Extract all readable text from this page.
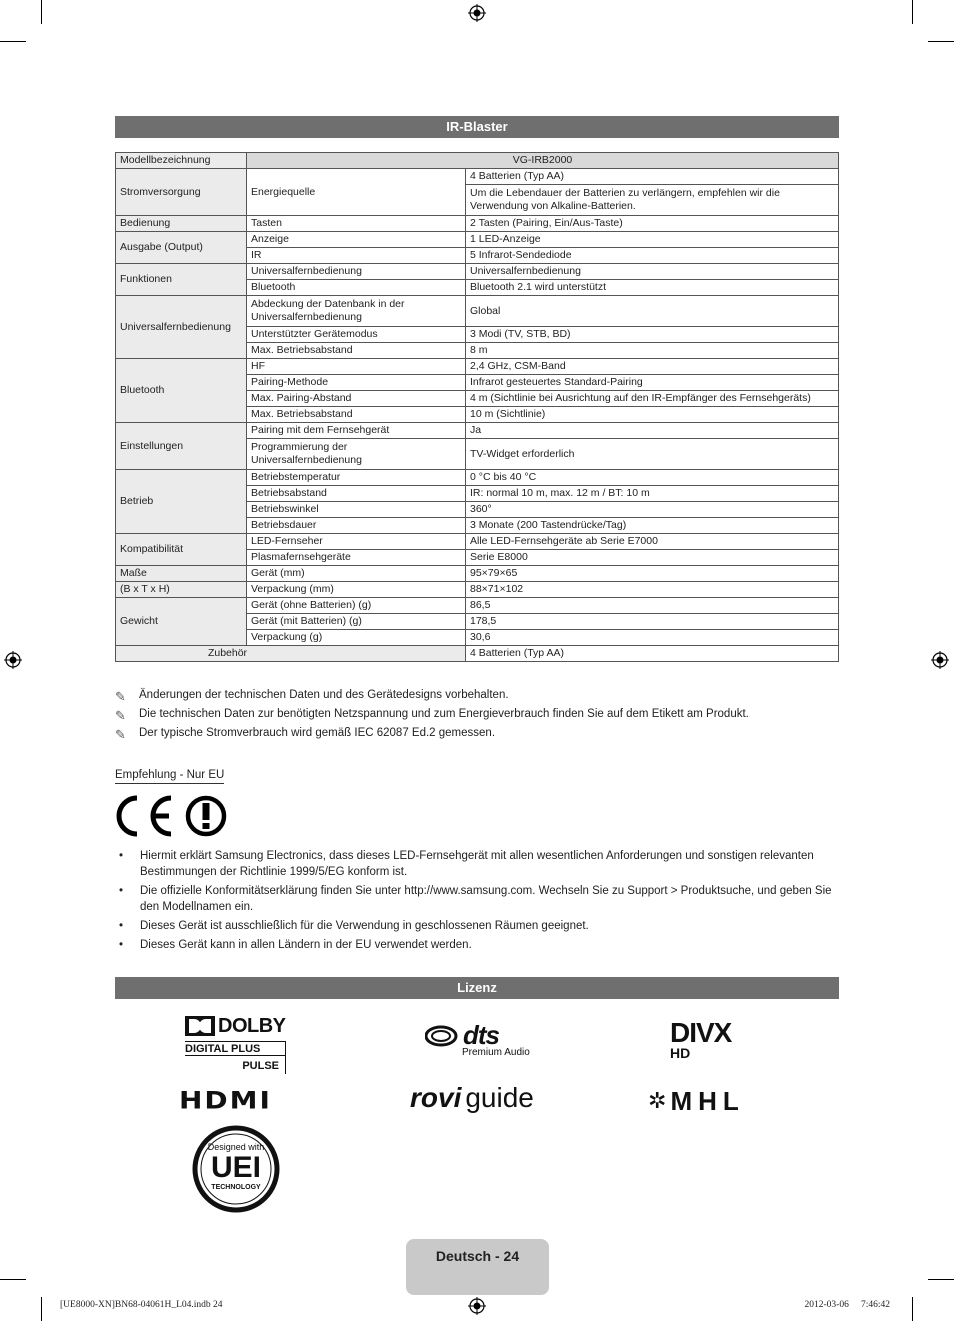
IR-Blaster
Modellbezeichnung	VG-IRB2000	
Stromversorgung	Energiequelle	4 Batterien (Typ AA)
		Um die Lebendauer der Batterien zu verlängern, empfehlen wir die Verwendung von Alkaline-Batterien.
Bedienung	Tasten	2 Tasten (Pairing, Ein/Aus-Taste)
Ausgabe (Output)	Anzeige	1 LED-Anzeige
	IR	5 Infrarot-Sendediode
Funktionen	Universalfernbedienung	Universalfernbedienung
	Bluetooth	Bluetooth 2.1 wird unterstützt
Universalfernbedienung	Abdeckung der Datenbank in der Universalfernbedienung	Global
	Unterstützter Gerätemodus	3 Modi (TV, STB, BD)
	Max. Betriebsabstand	8 m
Bluetooth	HF	2,4 GHz, CSM-Band
	Pairing-Methode	Infrarot gesteuertes Standard-Pairing
	Max. Pairing-Abstand	4 m (Sichtlinie bei Ausrichtung auf den IR-Empfänger des Fernsehgeräts)
	Max. Betriebsabstand	10 m (Sichtlinie)
Einstellungen	Pairing mit dem Fernsehgerät	Ja
	Programmierung der Universalfernbedienung	TV-Widget erforderlich
Betrieb	Betriebstemperatur	0 °C bis 40 °C
	Betriebsabstand	IR: normal 10 m, max. 12 m / BT: 10 m
	Betriebswinkel	360°
	Betriebsdauer	3 Monate (200 Tastendrücke/Tag)
Kompatibilität	LED-Fernseher	Alle LED-Fernsehgeräte ab Serie E7000
	Plasmafernsehgeräte	Serie E8000
Maße	Gerät (mm)	95×79×65
(B x T x H)	Verpackung (mm)	88×71×102
Gewicht	Gerät (ohne Batterien) (g)	86,5
	Gerät (mit Batterien) (g)	178,5
	Verpackung (g)	30,6
Zubehör		4 Batterien (Typ AA)
✎	Änderungen der technischen Daten und des Gerätedesigns vorbehalten.
✎	Die technischen Daten zur benötigten Netzspannung und zum Energieverbrauch finden Sie auf dem Etikett am Produkt.
✎	Der typische Stromverbrauch wird gemäß IEC 62087 Ed.2 gemessen.
Empfehlung - Nur EU
•	Hiermit erklärt Samsung Electronics, dass dieses LED-Fernsehgerät mit allen wesentlichen Anforderungen und sonstigen relevanten Bestimmungen der Richtlinie 1999/5/EG konform ist.
•	Die offizielle Konformitätserklärung finden Sie unter http://www.samsung.com. Wechseln Sie zu Support > Produktsuche, und geben Sie den Modellnamen ein.
•	Dieses Gerät ist ausschließlich für die Verwendung in geschlossenen Räumen geeignet.
•	Dieses Gerät kann in allen Ländern in der EU verwendet werden.
Lizenz
DOLBY
DIGITAL PLUS
PULSE
dts
Premium Audio
DIVX
HD
HDMI	rovi guide	✲ MHL
Designed with
UEI
TECHNOLOGY
Deutsch - 24
[UE8000-XN]BN68-04061H_L04.indb 24	2012-03-06   7:46:42
